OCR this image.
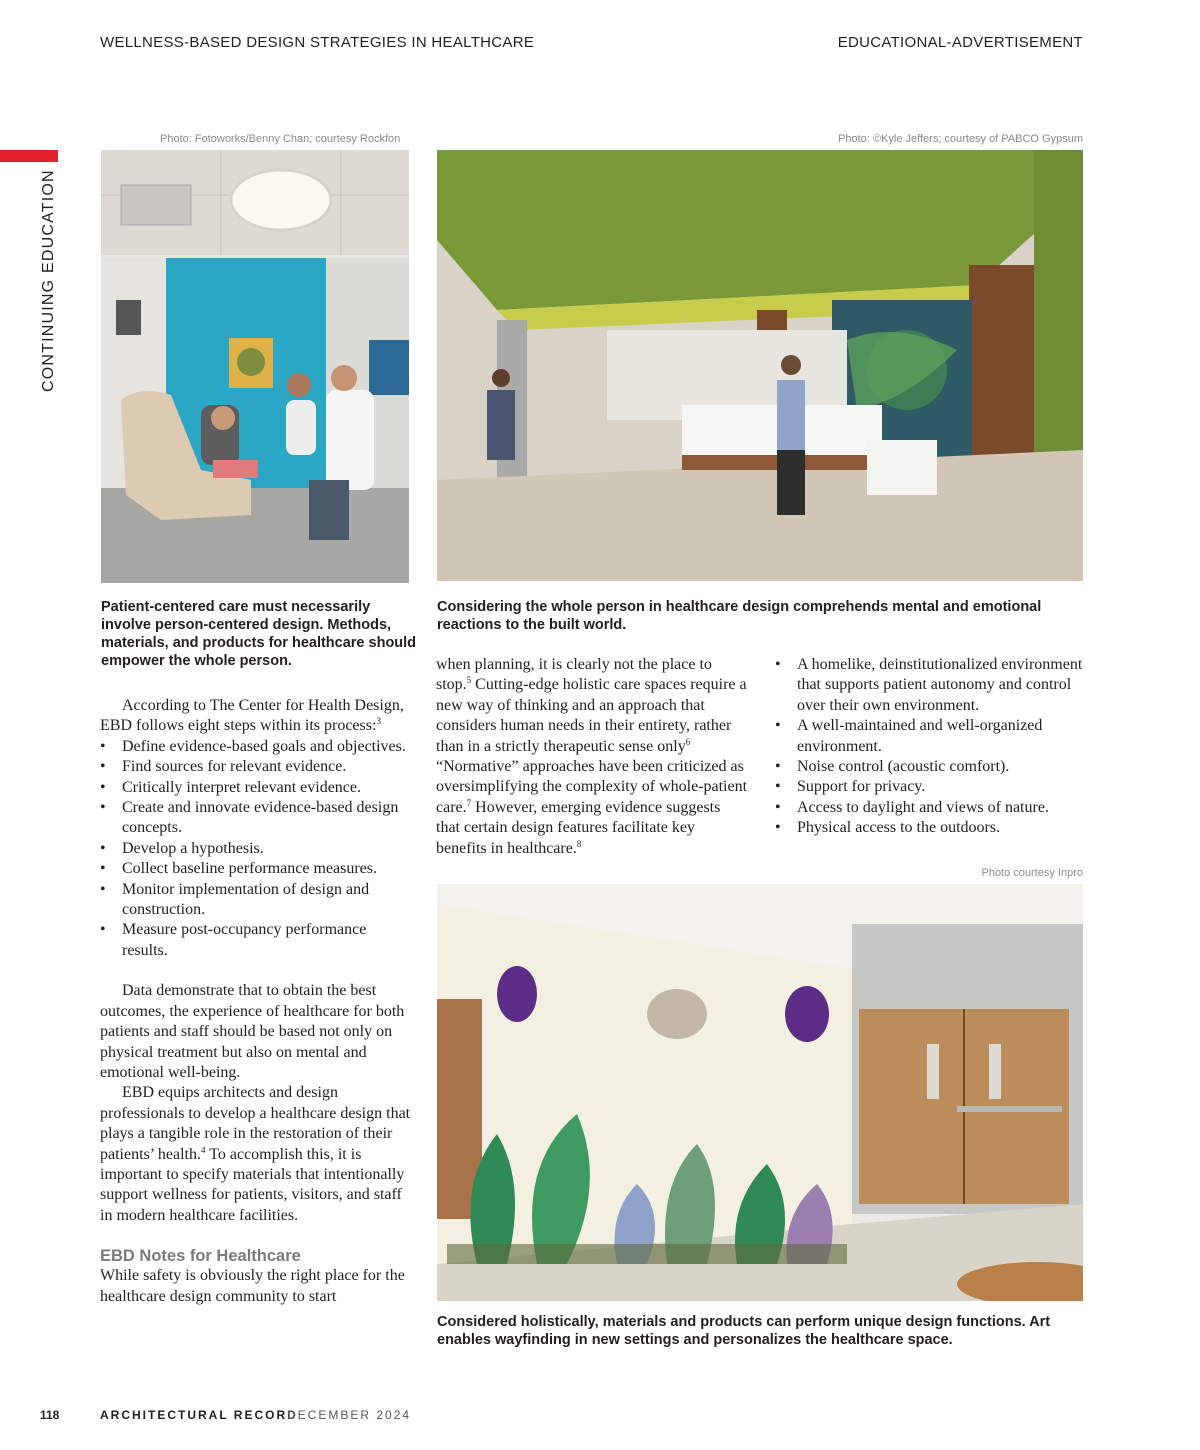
WELLNESS-BASED DESIGN STRATEGIES IN HEALTHCARE	EDUCATIONAL-ADVERTISEMENT
CONTINUING EDUCATION
Photo: Fotoworks/Benny Chan; courtesy Rockfon	Photo: ©Kyle Jeffers; courtesy of PABCO Gypsum
Photo courtesy Inpro
Patient-centered care must necessarily involve person-centered design. Methods, materials, and products for healthcare should empower the whole person.
Considering the whole person in healthcare design comprehends mental and emotional reactions to the built world.
Considered holistically, materials and products can perform unique design functions. Art enables wayfinding in new settings and personalizes the healthcare space.

According to The Center for Health Design, EBD follows eight steps within its process:$^3$

• Define evidence-based goals and objectives.
• Find sources for relevant evidence.
• Critically interpret relevant evidence.
• Create and innovate evidence-based design concepts.
• Develop a hypothesis.
• Collect baseline performance measures.
• Monitor implementation of design and construction.
• Measure post-occupancy performance results.

Data demonstrate that to obtain the best outcomes, the experience of healthcare for both patients and staff should be based not only on physical treatment but also on mental and emotional well-being.

EBD equips architects and design professionals to develop a healthcare design that plays a tangible role in the restoration of their patients’ health.$^4$ To accomplish this, it is important to specify materials that intentionally support wellness for patients, visitors, and staff in modern healthcare facilities.

EBD Notes for Healthcare

While safety is obviously the right place for the healthcare design community to start

when planning, it is clearly not the place to stop.$^5$ Cutting-edge holistic care spaces require a new way of thinking and an approach that considers human needs in their entirety, rather than in a strictly therapeutic sense only$^6$ “Normative” approaches have been criticized as oversimplifying the complexity of whole-patient care.$^7$ However, emerging evidence suggests that certain design features facilitate key benefits in healthcare.$^8$

• A homelike, deinstitutionalized environment that supports patient autonomy and control over their own environment.
• A well-maintained and well-organized environment.
• Noise control (acoustic comfort).
• Support for privacy.
• Access to daylight and views of nature.
• Physical access to the outdoors.
118	ARCHITECTURAL RECORD
DECEMBER 2024
